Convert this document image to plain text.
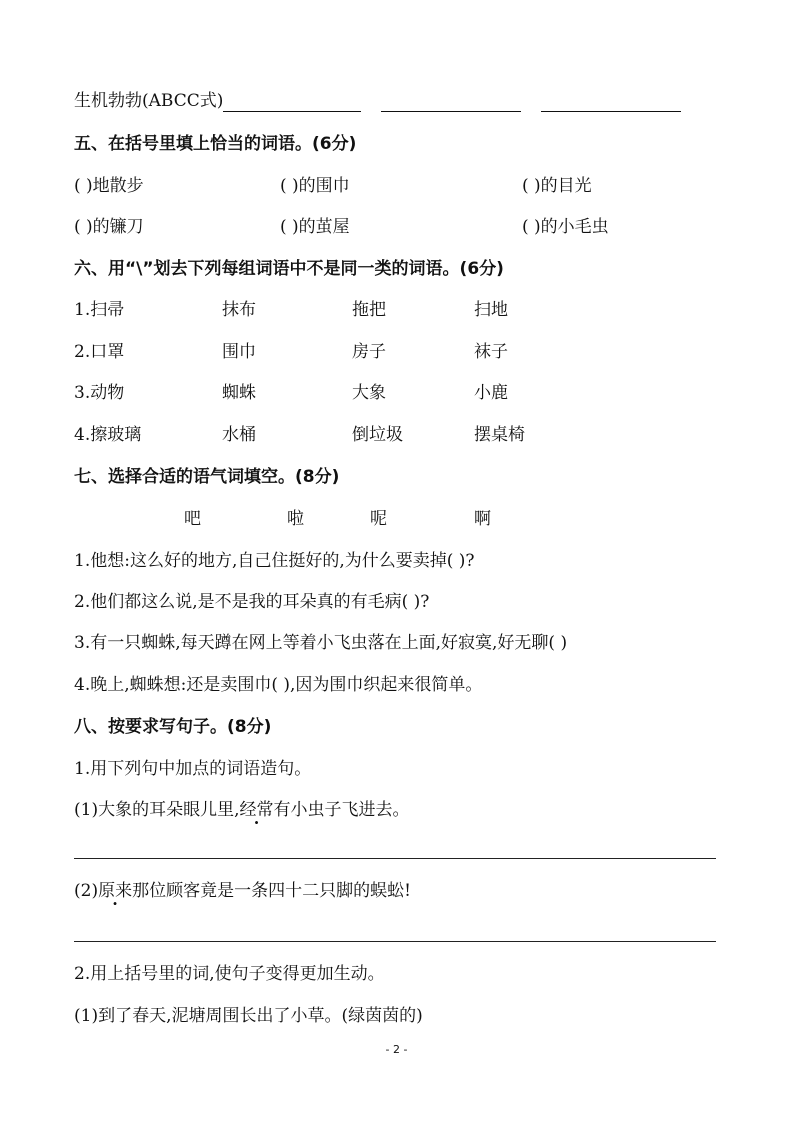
生机勃勃(ABCC式)
五、在括号里填上恰当的词语。(6分)
( )地散步	( )的围巾	( )的目光
( )的镰刀	( )的茧屋	( )的小毛虫
六、用“\”划去下列每组词语中不是同一类的词语。(6分)
1.扫帚	抹布	拖把	扫地
2.口罩	围巾	房子	袜子
3.动物	蜘蛛	大象	小鹿
4.擦玻璃	水桶	倒垃圾	摆桌椅
七、选择合适的语气词填空。(8分)
吧	啦	呢	啊
1.他想:这么好的地方,自己住挺好的,为什么要卖掉( )?
2.他们都这么说,是不是我的耳朵真的有毛病( )?
3.有一只蜘蛛,每天蹲在网上等着小飞虫落在上面,好寂寞,好无聊( )
4.晚上,蜘蛛想:还是卖围巾( ),因为围巾织起来很简单。
八、按要求写句子。(8分)
1.用下列句中加点的词语造句。
(1)大象的耳朵眼儿里,经常有小虫子飞进去。
(2)原来那位顾客竟是一条四十二只脚的蜈蚣!
2.用上括号里的词,使句子变得更加生动。
(1)到了春天,泥塘周围长出了小草。(绿茵茵的)
- 2 -
